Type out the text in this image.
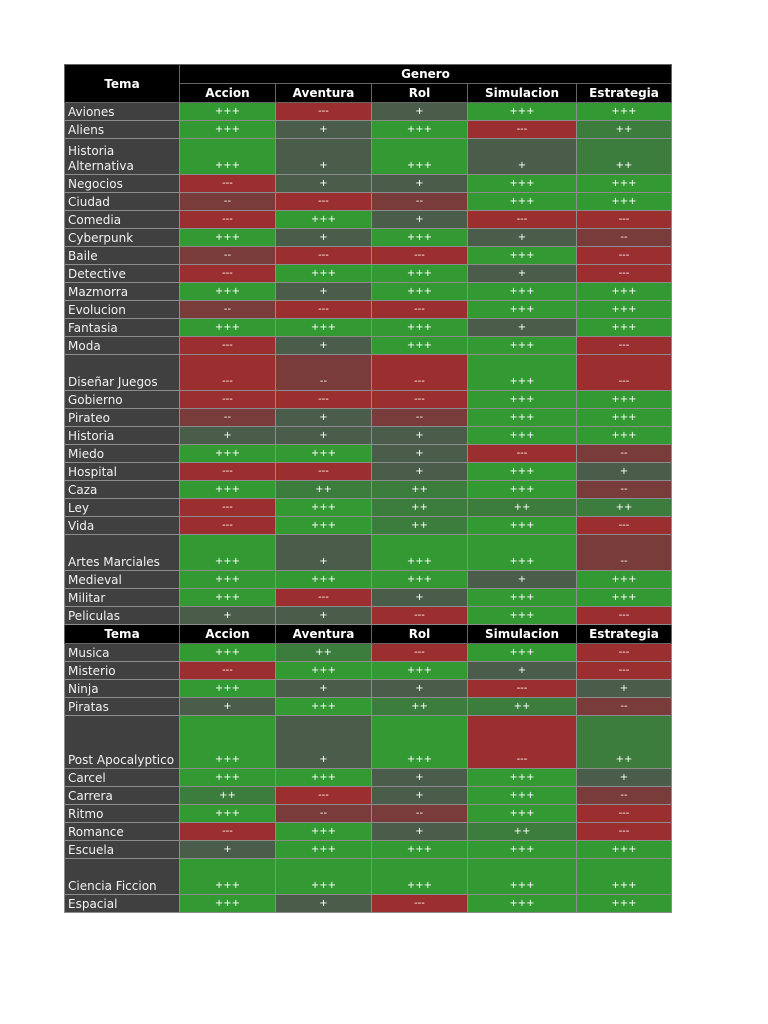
Tema	Genero				
	Accion	Aventura	Rol	Simulacion	Estrategia
Aviones	+++	---	+	+++	+++
Aliens	+++	+	+++	---	++
Historia Alternativa	+++	+	+++	+	++
Negocios	---	+	+	+++	+++
Ciudad	--	---	--	+++	+++
Comedia	---	+++	+	---	---
Cyberpunk	+++	+	+++	+	--
Baile	--	---	---	+++	---
Detective	---	+++	+++	+	---
Mazmorra	+++	+	+++	+++	+++
Evolucion	--	---	---	+++	+++
Fantasia	+++	+++	+++	+	+++
Moda	---	+	+++	+++	---
Diseñar Juegos	---	--	---	+++	---
Gobierno	---	---	---	+++	+++
Pirateo	--	+	--	+++	+++
Historia	+	+	+	+++	+++
Miedo	+++	+++	+	---	--
Hospital	---	---	+	+++	+
Caza	+++	++	++	+++	--
Ley	---	+++	++	++	++
Vida	---	+++	++	+++	---
Artes Marciales	+++	+	+++	+++	--
Medieval	+++	+++	+++	+	+++
Militar	+++	---	+	+++	+++
Peliculas	+	+	---	+++	---
Tema	Accion	Aventura	Rol	Simulacion	Estrategia
Musica	+++	++	---	+++	---
Misterio	---	+++	+++	+	---
Ninja	+++	+	+	---	+
Piratas	+	+++	++	++	--
Post Apocalyptico	+++	+	+++	---	++
Carcel	+++	+++	+	+++	+
Carrera	++	---	+	+++	--
Ritmo	+++	--	--	+++	---
Romance	---	+++	+	++	---
Escuela	+	+++	+++	+++	+++
Ciencia Ficcion	+++	+++	+++	+++	+++
Espacial	+++	+	---	+++	+++
